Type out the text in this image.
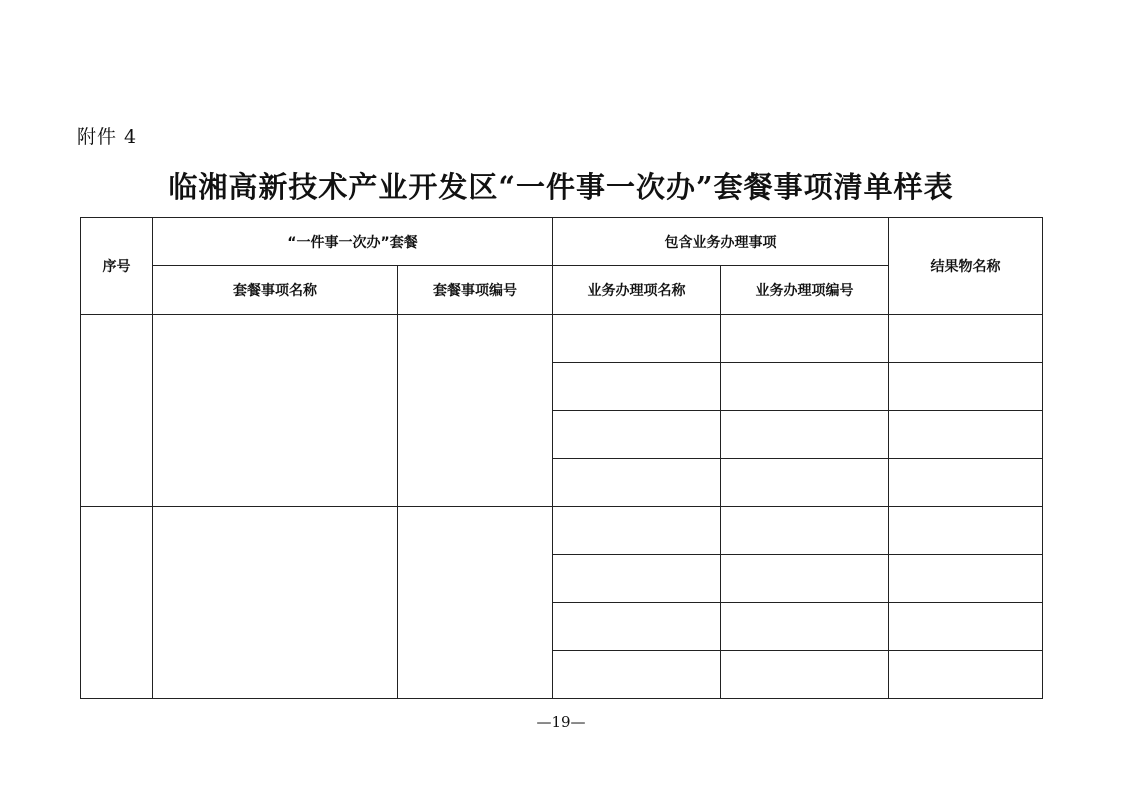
附件 4
临湘高新技术产业开发区“一件事一次办”套餐事项清单样表
序号	“一件事一次办”套餐		包含业务办理事项		结果物名称
	套餐事项名称	套餐事项编号	业务办理项名称	业务办理项编号	

—19—
